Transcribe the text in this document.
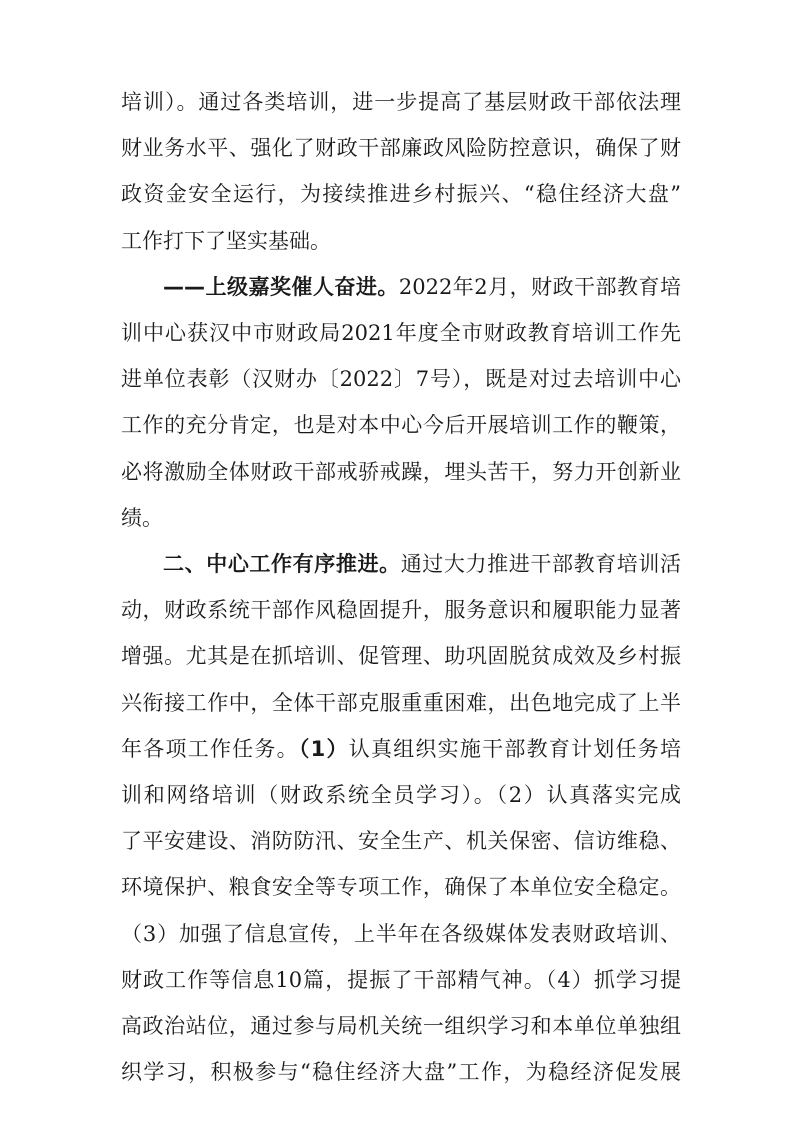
培训）。通过各类培训，进一步提高了基层财政干部依法理
财业务水平、强化了财政干部廉政风险防控意识，确保了财
政资金安全运行，为接续推进乡村振兴、“稳住经济大盘”
工作打下了坚实基础。
——上级嘉奖催人奋进。2022年2月，财政干部教育培
训中心获汉中市财政局2021年度全市财政教育培训工作先
进单位表彰（汉财办〔2022〕7号），既是对过去培训中心
工作的充分肯定，也是对本中心今后开展培训工作的鞭策，
必将激励全体财政干部戒骄戒躁，埋头苦干，努力开创新业
绩。
二、中心工作有序推进。通过大力推进干部教育培训活
动，财政系统干部作风稳固提升，服务意识和履职能力显著
增强。尤其是在抓培训、促管理、助巩固脱贫成效及乡村振
兴衔接工作中，全体干部克服重重困难，出色地完成了上半
年各项工作任务。（1）认真组织实施干部教育计划任务培
训和网络培训（财政系统全员学习）。（2）认真落实完成
了平安建设、消防防汛、安全生产、机关保密、信访维稳、
环境保护、粮食安全等专项工作，确保了本单位安全稳定。
（3）加强了信息宣传，上半年在各级媒体发表财政培训、
财政工作等信息10篇，提振了干部精气神。（4）抓学习提
高政治站位，通过参与局机关统一组织学习和本单位单独组
织学习，积极参与“稳住经济大盘”工作，为稳经济促发展
